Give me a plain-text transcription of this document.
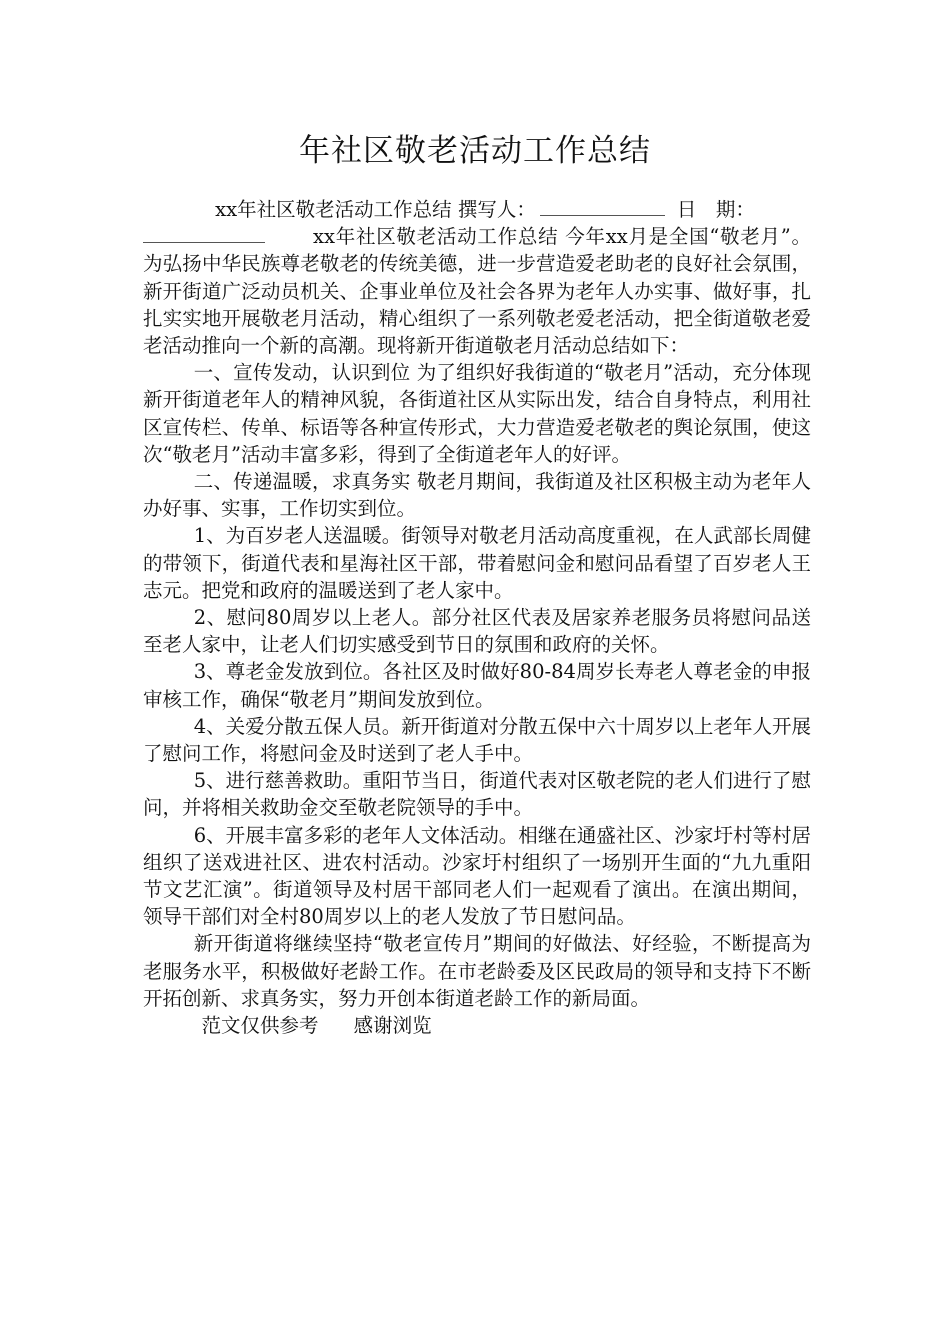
年社区敬老活动工作总结

xx年社区敬老活动工作总结 撰写人：	日　期：

xx年社区敬老活动工作总结 今年xx月是全国“敬老月”。为弘扬中华民族尊老敬老的传统美德，进一步营造爱老助老的良好社会氛围，新开街道广泛动员机关、企事业单位及社会各界为老年人办实事、做好事，扎扎实实地开展敬老月活动，精心组织了一系列敬老爱老活动，把全街道敬老爱老活动推向一个新的高潮。现将新开街道敬老月活动总结如下：

一、宣传发动，认识到位 为了组织好我街道的“敬老月”活动，充分体现新开街道老年人的精神风貌，各街道社区从实际出发，结合自身特点，利用社区宣传栏、传单、标语等各种宣传形式，大力营造爱老敬老的舆论氛围，使这次“敬老月”活动丰富多彩，得到了全街道老年人的好评。

二、传递温暖，求真务实 敬老月期间，我街道及社区积极主动为老年人办好事、实事，工作切实到位。

1、为百岁老人送温暖。街领导对敬老月活动高度重视，在人武部长周健的带领下，街道代表和星海社区干部，带着慰问金和慰问品看望了百岁老人王志元。把党和政府的温暖送到了老人家中。

2、慰问80周岁以上老人。部分社区代表及居家养老服务员将慰问品送至老人家中，让老人们切实感受到节日的氛围和政府的关怀。

3、尊老金发放到位。各社区及时做好80-84周岁长寿老人尊老金的申报审核工作，确保“敬老月”期间发放到位。

4、关爱分散五保人员。新开街道对分散五保中六十周岁以上老年人开展了慰问工作，将慰问金及时送到了老人手中。

5、进行慈善救助。重阳节当日，街道代表对区敬老院的老人们进行了慰问，并将相关救助金交至敬老院领导的手中。

6、开展丰富多彩的老年人文体活动。相继在通盛社区、沙家圩村等村居组织了送戏进社区、进农村活动。沙家圩村组织了一场别开生面的“九九重阳节文艺汇演”。街道领导及村居干部同老人们一起观看了演出。在演出期间，领导干部们对全村80周岁以上的老人发放了节日慰问品。

新开街道将继续坚持“敬老宣传月”期间的好做法、好经验，不断提高为老服务水平，积极做好老龄工作。在市老龄委及区民政局的领导和支持下不断开拓创新、求真务实，努力开创本街道老龄工作的新局面。

范文仅供参考 感谢浏览
